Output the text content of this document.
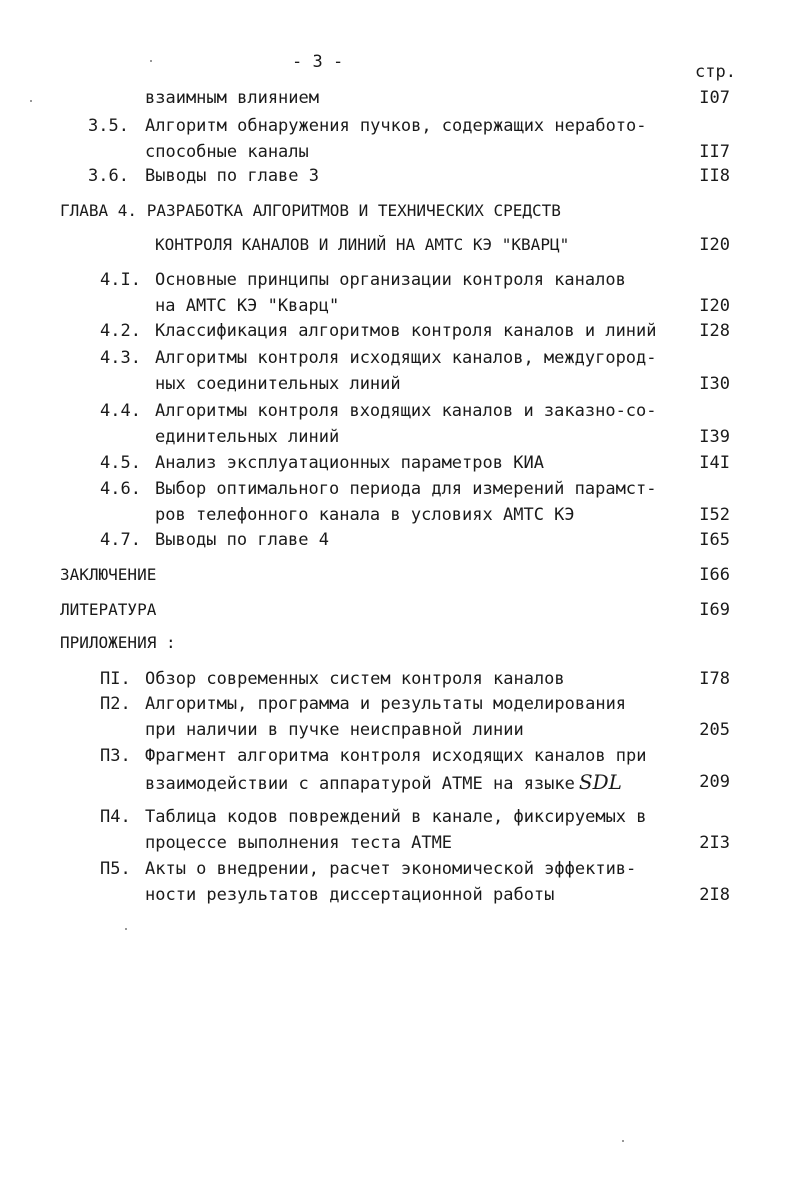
- 3 -	стр.
взаимным влиянием	I07
3.5. Алгоритм обнаружения пучков, содержащих неработо-
способные каналы	II7
3.6. Выводы по главе 3	II8
ГЛАВА 4. РАЗРАБОТКА АЛГОРИТМОВ И ТЕХНИЧЕСКИХ СРЕДСТВ
КОНТРОЛЯ КАНАЛОВ И ЛИНИЙ НА АМТС КЭ "КВАРЦ"	I20
4.I. Основные принципы организации контроля каналов
на АМТС КЭ "Кварц"	I20
4.2. Классификация алгоритмов контроля каналов и линий	I28
4.3. Алгоритмы контроля исходящих каналов, междугород-
ных соединительных линий	I30
4.4. Алгоритмы контроля входящих каналов и заказно-со-
единительных линий	I39
4.5. Анализ эксплуатационных параметров КИА	I4I
4.6. Выбор оптимального периода для измерений парамст-
ров телефонного канала в условиях АМТС КЭ	I52
4.7. Выводы по главе 4	I65
ЗАКЛЮЧЕНИЕ	I66
ЛИТЕРАТУРА	I69
ПРИЛОЖЕНИЯ :
ПI. Обзор современных систем контроля каналов	I78
П2. Алгоритмы, программа и результаты моделирования
при наличии в пучке неисправной линии	205
П3. Фрагмент алгоритма контроля исходящих каналов при
взаимодействии с аппаратурой АТМЕ на языке SDL	209
П4. Таблица кодов повреждений в канале, фиксируемых в
процессе выполнения теста АТМЕ	2I3
П5. Акты о внедрении, расчет экономической эффектив-
ности результатов диссертационной работы	2I8
